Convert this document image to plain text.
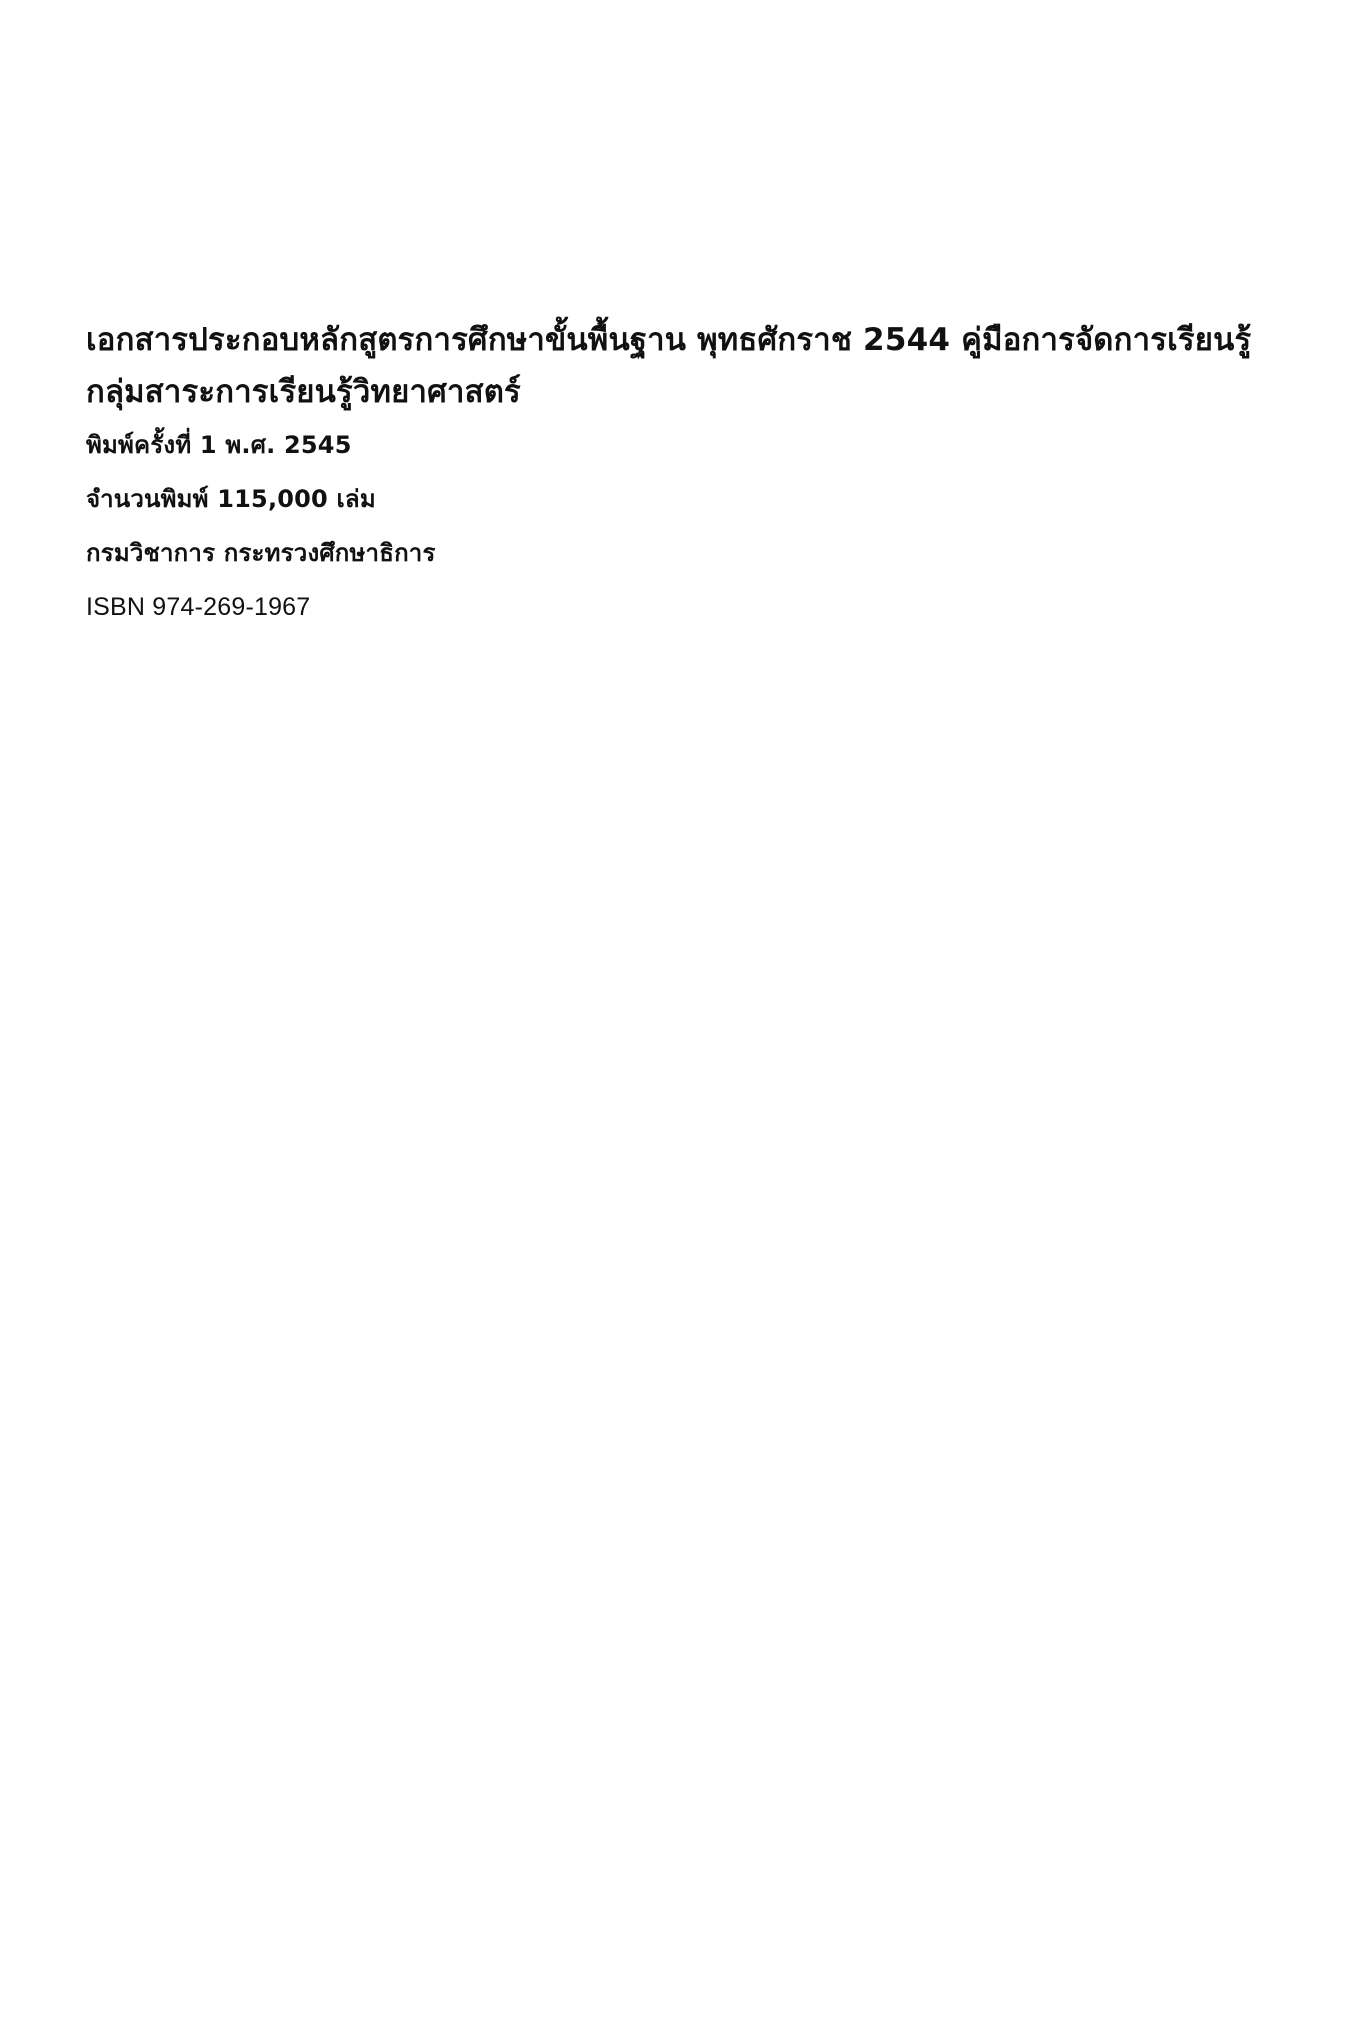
เอกสารประกอบหลักสูตรการศึกษาขั้นพื้นฐาน พุทธศักราช 2544 คู่มือการจัดการเรียนรู้
กลุ่มสาระการเรียนรู้วิทยาศาสตร์
พิมพ์ครั้งที่ 1 พ.ศ. 2545
จำนวนพิมพ์ 115,000 เล่ม
กรมวิชาการ กระทรวงศึกษาธิการ
ISBN 974-269-1967
